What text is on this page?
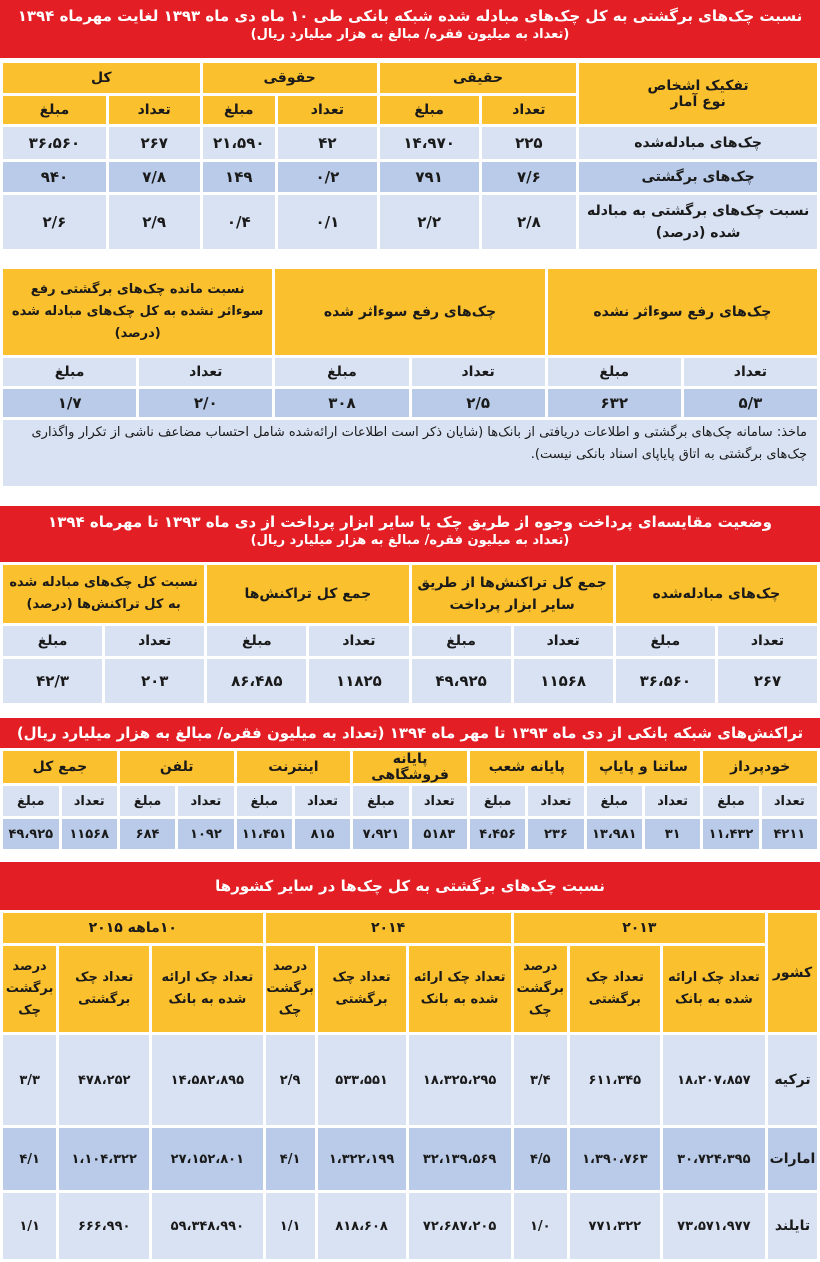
نسبت چک‌های برگشتی به کل چک‌های مبادله شده شبکه بانکی طی ۱۰ ماه دی ماه ۱۳۹۳ لغایت مهرماه ۱۳۹۴
(تعداد به میلیون فقره/ مبالغ به هزار میلیارد ریال)
تفکیک اشخاص
نوع آمار	حقیقی		حقوقی		کل	
	تعداد	مبلغ	تعداد	مبلغ	تعداد	مبلغ
چک‌های مبادله‌شده	۲۲۵	۱۴،۹۷۰	۴۲	۲۱،۵۹۰	۲۶۷	۳۶،۵۶۰
چک‌های برگشتی	۷/۶	۷۹۱	۰/۲	۱۴۹	۷/۸	۹۴۰
نسبت چک‌های برگشتی به مبادله شده (درصد)	۲/۸	۲/۲	۰/۱	۰/۴	۲/۹	۲/۶
چک‌های رفع سوءاثر نشده		چک‌های رفع سوءاثر شده		نسبت مانده چک‌های برگشتی رفع سوءاثر نشده به کل چک‌های مبادله شده (درصد)	
تعداد	مبلغ	تعداد	مبلغ	تعداد	مبلغ
۵/۳	۶۳۲	۲/۵	۳۰۸	۲/۰	۱/۷
ماخذ: سامانه چک‌های برگشتی و اطلاعات دریافتی از بانک‌ها (شایان ذکر است اطلاعات ارائه‌شده شامل احتساب مضاعف ناشی از تکرار واگذاری چک‌های برگشتی به اتاق پایاپای اسناد بانکی نیست).
وضعیت مقایسه‌ای پرداخت وجوه از طریق چک یا سایر ابزار پرداخت از دی ماه ۱۳۹۳ تا مهرماه ۱۳۹۴
(تعداد به میلیون فقره/ مبالغ به هزار میلیارد ریال)
چک‌های مبادله‌شده		جمع کل تراکنش‌ها از طریق سایر ابزار پرداخت		جمع کل تراکنش‌ها		نسبت کل چک‌های مبادله شده به کل تراکنش‌ها (درصد)	
تعداد	مبلغ	تعداد	مبلغ	تعداد	مبلغ	تعداد	مبلغ
۲۶۷	۳۶،۵۶۰	۱۱۵۶۸	۴۹،۹۲۵	۱۱۸۲۵	۸۶،۴۸۵	۲۰۳	۴۲/۳
تراکنش‌های شبکه بانکی از دی ماه ۱۳۹۳ تا مهر ماه ۱۳۹۴ (تعداد به میلیون فقره/ مبالغ به هزار میلیارد ریال)
خودپرداز		ساتنا و پایاپ		پایانه شعب		پایانه فروشگاهی		اینترنت		تلفن		جمع کل	
تعداد	مبلغ	تعداد	مبلغ	تعداد	مبلغ	تعداد	مبلغ	تعداد	مبلغ	تعداد	مبلغ	تعداد	مبلغ
۴۲۱۱	۱۱،۴۳۲	۳۱	۱۳،۹۸۱	۲۳۶	۴،۴۵۶	۵۱۸۳	۷،۹۲۱	۸۱۵	۱۱،۴۵۱	۱۰۹۲	۶۸۴	۱۱۵۶۸	۴۹،۹۲۵
نسبت چک‌های برگشتی به کل چک‌ها در سایر کشورها
کشور	۲۰۱۳			۲۰۱۴			۱۰ماهه ۲۰۱۵		
	تعداد چک ارائه شده به بانک	تعداد چک برگشتی	درصد برگشت چک	تعداد چک ارائه شده به بانک	تعداد چک برگشتی	درصد برگشت چک	تعداد چک ارائه شده به بانک	تعداد چک برگشتی	درصد برگشت چک
ترکیه	۱۸،۲۰۷،۸۵۷	۶۱۱،۳۴۵	۳/۴	۱۸،۳۲۵،۲۹۵	۵۳۳،۵۵۱	۲/۹	۱۴،۵۸۲،۸۹۵	۴۷۸،۲۵۲	۳/۳
امارات	۳۰،۷۲۴،۳۹۵	۱،۳۹۰،۷۶۳	۴/۵	۳۲،۱۳۹،۵۶۹	۱،۳۲۲،۱۹۹	۴/۱	۲۷،۱۵۲،۸۰۱	۱،۱۰۴،۳۲۲	۴/۱
تایلند	۷۳،۵۷۱،۹۷۷	۷۷۱،۳۲۲	۱/۰	۷۲،۶۸۷،۲۰۵	۸۱۸،۶۰۸	۱/۱	۵۹،۳۴۸،۹۹۰	۶۶۶،۹۹۰	۱/۱
